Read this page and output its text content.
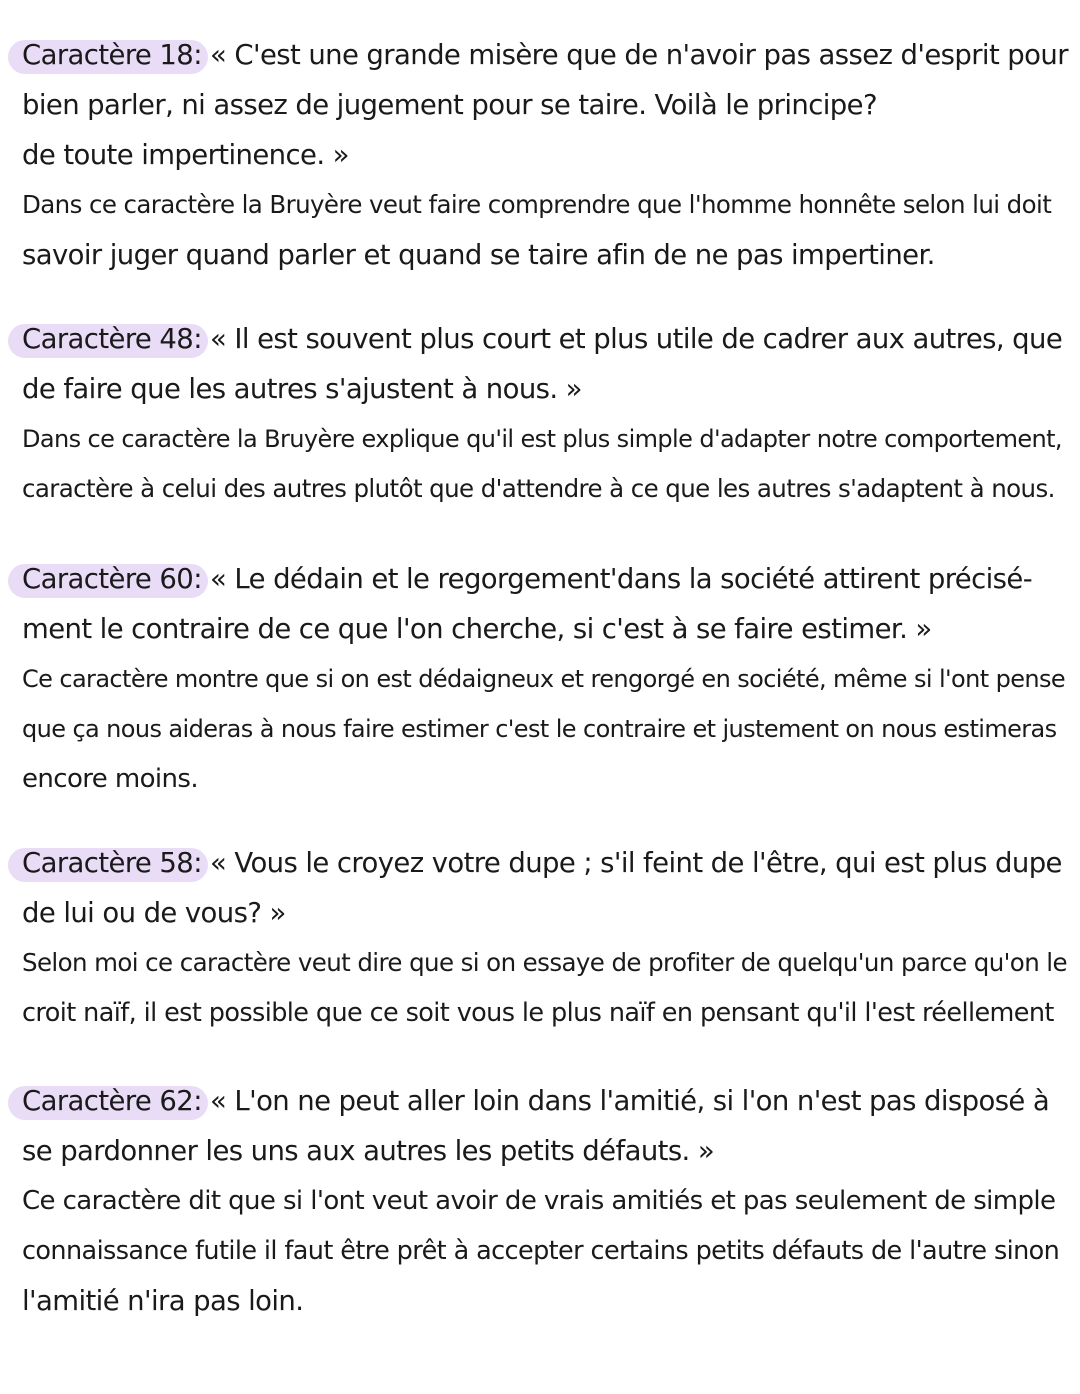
Caractère 18: « C'est une grande misère que de n'avoir pas assez d'esprit pour
bien parler, ni assez de jugement pour se taire. Voilà le principe?
de toute impertinence. »
Dans ce caractère la Bruyère veut faire comprendre que l'homme honnête selon lui doit
savoir juger quand parler et quand se taire afin de ne pas impertiner.
Caractère 48: « Il est souvent plus court et plus utile de cadrer aux autres, que
de faire que les autres s'ajustent à nous. »
Dans ce caractère la Bruyère explique qu'il est plus simple d'adapter notre comportement,
caractère à celui des autres plutôt que d'attendre à ce que les autres s'adaptent à nous.
Caractère 60: « Le dédain et le regorgement'dans la société attirent précisé-
ment le contraire de ce que l'on cherche, si c'est à se faire estimer. »
Ce caractère montre que si on est dédaigneux et rengorgé en société, même si l'ont pense
que ça nous aideras à nous faire estimer c'est le contraire et justement on nous estimeras
encore moins.
Caractère 58: « Vous le croyez votre dupe ; s'il feint de l'être, qui est plus dupe
de lui ou de vous? »
Selon moi ce caractère veut dire que si on essaye de profiter de quelqu'un parce qu'on le
croit naïf, il est possible que ce soit vous le plus naïf en pensant qu'il l'est réellement
Caractère 62: « L'on ne peut aller loin dans l'amitié, si l'on n'est pas disposé à
se pardonner les uns aux autres les petits défauts. »
Ce caractère dit que si l'ont veut avoir de vrais amitiés et pas seulement de simple
connaissance futile il faut être prêt à accepter certains petits défauts de l'autre sinon
l'amitié n'ira pas loin.
